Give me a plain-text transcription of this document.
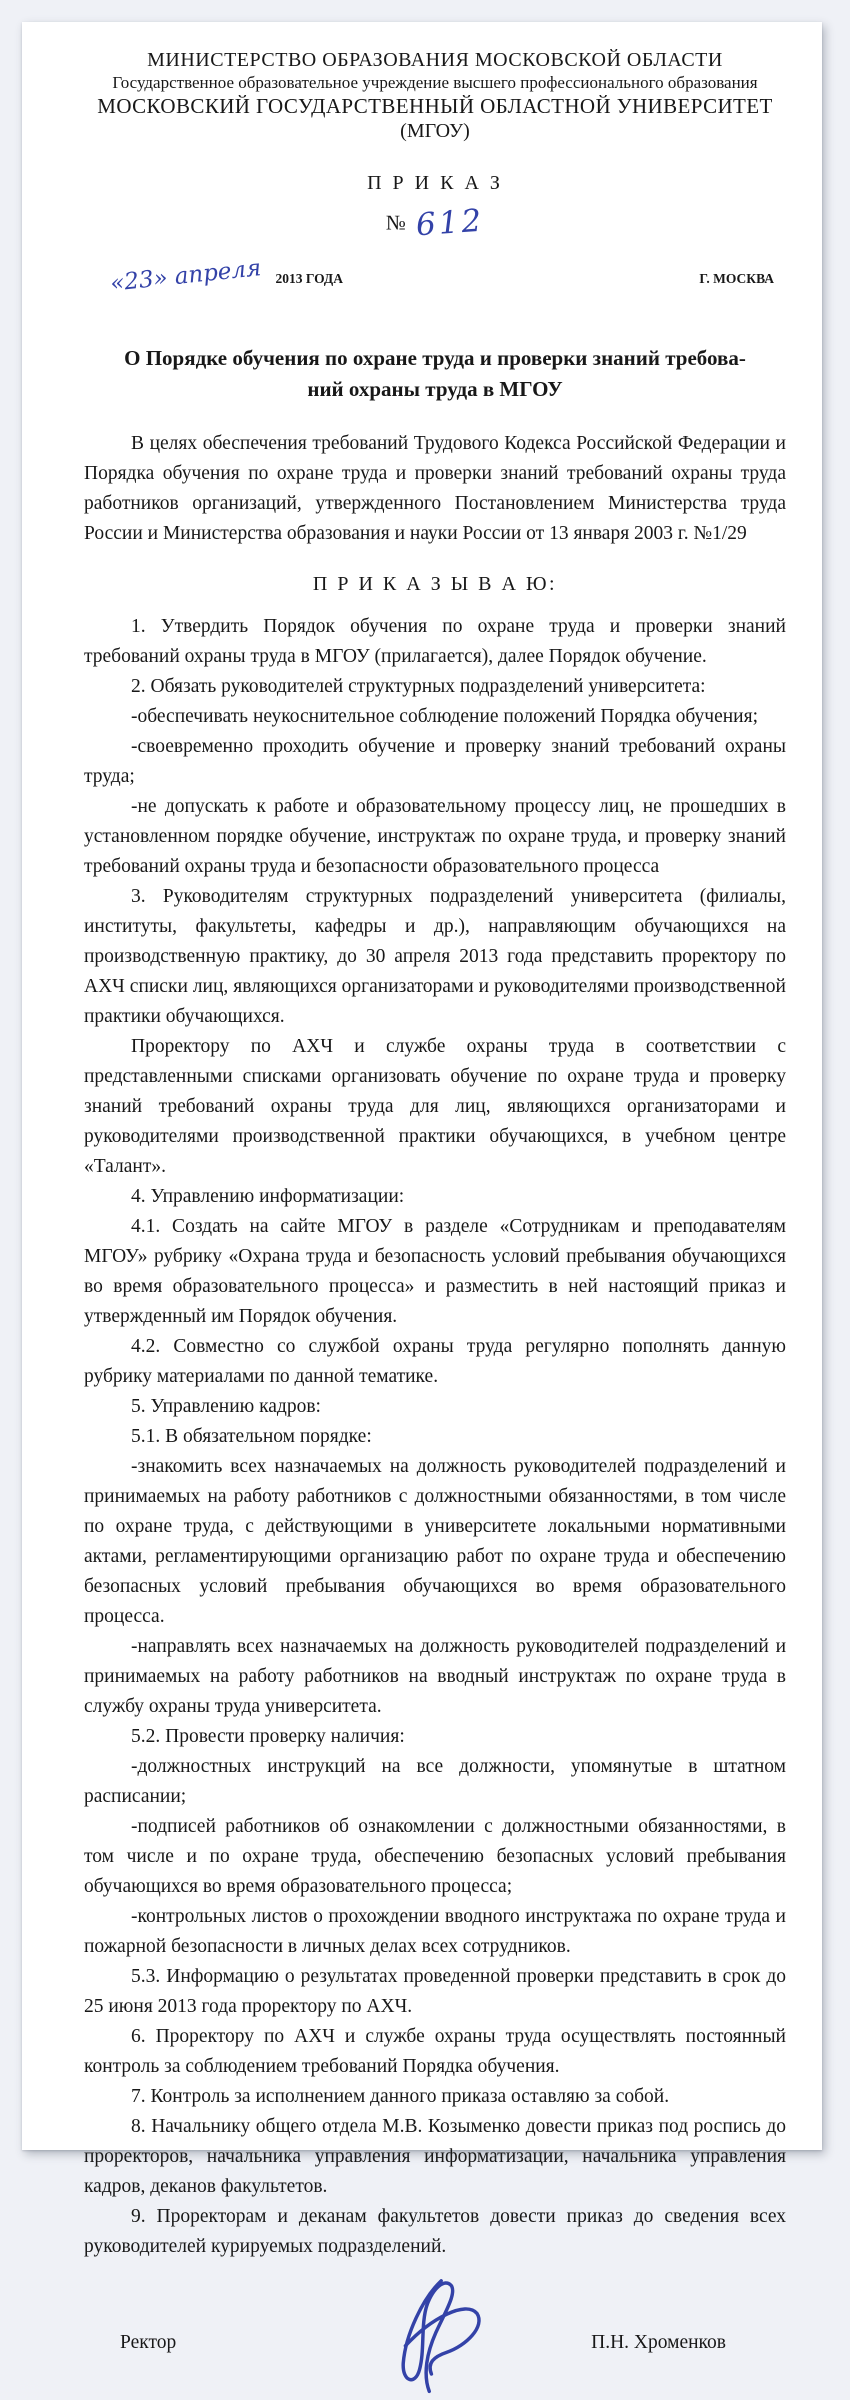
МИНИСТЕРСТВО ОБРАЗОВАНИЯ МОСКОВСКОЙ ОБЛАСТИ
Государственное образовательное учреждение высшего профессионального образования
МОСКОВСКИЙ ГОСУДАРСТВЕННЫЙ ОБЛАСТНОЙ УНИВЕРСИТЕТ
(МГОУ)
П Р И К А З
№ 612
«23» апреля 2013 ГОДА	Г. МОСКВА
О Порядке обучения по охране труда и проверки знаний требова-
ний охраны труда в МГОУ

В целях обеспечения требований Трудового Кодекса Российской Федерации и Порядка обучения по охране труда и проверки знаний требований охраны труда работников организаций, утвержденного Постановлением Министерства труда России и Министерства образования и науки России от 13 января 2003 г. №1/29

П Р И К А З Ы В А Ю:

1. Утвердить Порядок обучения по охране труда и проверки знаний требований охраны труда в МГОУ (прилагается), далее Порядок обучение.

2. Обязать руководителей структурных подразделений университета:

-обеспечивать неукоснительное соблюдение положений Порядка обучения;

-своевременно проходить обучение и проверку знаний требований охраны труда;

-не допускать к работе и образовательному процессу лиц, не прошедших в установленном порядке обучение, инструктаж по охране труда, и проверку знаний требований охраны труда и безопасности образовательного процесса

3. Руководителям структурных подразделений университета (филиалы, институты, факультеты, кафедры и др.), направляющим обучающихся на производственную практику, до 30 апреля 2013 года представить проректору по АХЧ списки лиц, являющихся организаторами и руководителями производственной практики обучающихся.

Проректору по АХЧ и службе охраны труда в соответствии с представленными списками организовать обучение по охране труда и проверку знаний требований охраны труда для лиц, являющихся организаторами и руководителями производственной практики обучающихся, в учебном центре «Талант».

4. Управлению информатизации:

4.1. Создать на сайте МГОУ в разделе «Сотрудникам и преподавателям МГОУ» рубрику «Охрана труда и безопасность условий пребывания обучающихся во время образовательного процесса» и разместить в ней настоящий приказ и утвержденный им Порядок обучения.

4.2. Совместно со службой охраны труда регулярно пополнять данную рубрику материалами по данной тематике.

5. Управлению кадров:

5.1. В обязательном порядке:

-знакомить всех назначаемых на должность руководителей подразделений и принимаемых на работу работников с должностными обязанностями, в том числе по охране труда, с действующими в университете локальными нормативными актами, регламентирующими организацию работ по охране труда и обеспечению безопасных условий пребывания обучающихся во время образовательного процесса.

-направлять всех назначаемых на должность руководителей подразделений и принимаемых на работу работников на вводный инструктаж по охране труда в службу охраны труда университета.

5.2. Провести проверку наличия:

-должностных инструкций на все должности, упомянутые в штатном расписании;

-подписей работников об ознакомлении с должностными обязанностями, в том числе и по охране труда, обеспечению безопасных условий пребывания обучающихся во время образовательного процесса;

-контрольных листов о прохождении вводного инструктажа по охране труда и пожарной безопасности в личных делах всех сотрудников.

5.3. Информацию о результатах проведенной проверки представить в срок до 25 июня 2013 года проректору по АХЧ.

6. Проректору по АХЧ и службе охраны труда осуществлять постоянный контроль за соблюдением требований Порядка обучения.

7. Контроль за исполнением данного приказа оставляю за собой.

8. Начальнику общего отдела М.В. Козыменко довести приказ под роспись до проректоров, начальника управления информатизации, начальника управления кадров, деканов факультетов.

9. Проректорам и деканам факультетов довести приказ до сведения всех руководителей курируемых подразделений.

Ректор	П.Н. Хроменков
